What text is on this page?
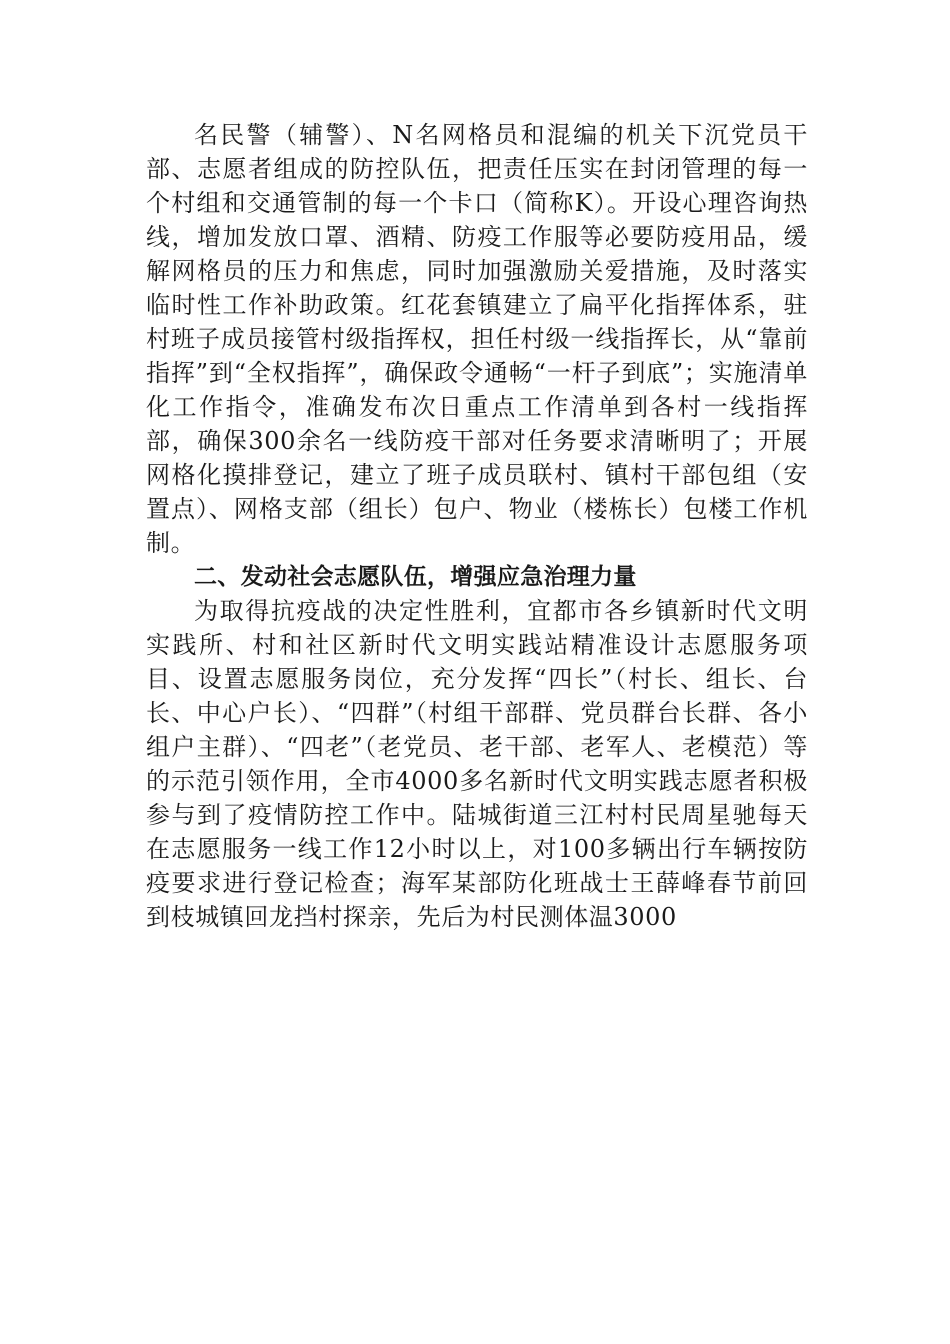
名民警（辅警）、N名网格员和混编的机关下沉党员干部、志愿者组成的防控队伍，把责任压实在封闭管理的每一个村组和交通管制的每一个卡口（简称K）。开设心理咨询热线，增加发放口罩、酒精、防疫工作服等必要防疫用品，缓解网格员的压力和焦虑，同时加强激励关爱措施，及时落实临时性工作补助政策。红花套镇建立了扁平化指挥体系，驻村班子成员接管村级指挥权，担任村级一线指挥长，从“靠前指挥”到“全权指挥”，确保政令通畅“一杆子到底”；实施清单化工作指令，准确发布次日重点工作清单到各村一线指挥部，确保300余名一线防疫干部对任务要求清晰明了；开展网格化摸排登记，建立了班子成员联村、镇村干部包组（安置点）、网格支部（组长）包户、物业（楼栋长）包楼工作机制。

二、发动社会志愿队伍，增强应急治理力量

为取得抗疫战的决定性胜利，宜都市各乡镇新时代文明实践所、村和社区新时代文明实践站精准设计志愿服务项目、设置志愿服务岗位，充分发挥“四长”（村长、组长、台长、中心户长）、“四群”（村组干部群、党员群台长群、各小组户主群）、“四老”（老党员、老干部、老军人、老模范）等的示范引领作用，全市4000多名新时代文明实践志愿者积极参与到了疫情防控工作中。陆城街道三江村村民周星驰每天在志愿服务一线工作12小时以上，对100多辆出行车辆按防疫要求进行登记检查；海军某部防化班战士王薛峰春节前回到枝城镇回龙挡村探亲，先后为村民测体温3000
